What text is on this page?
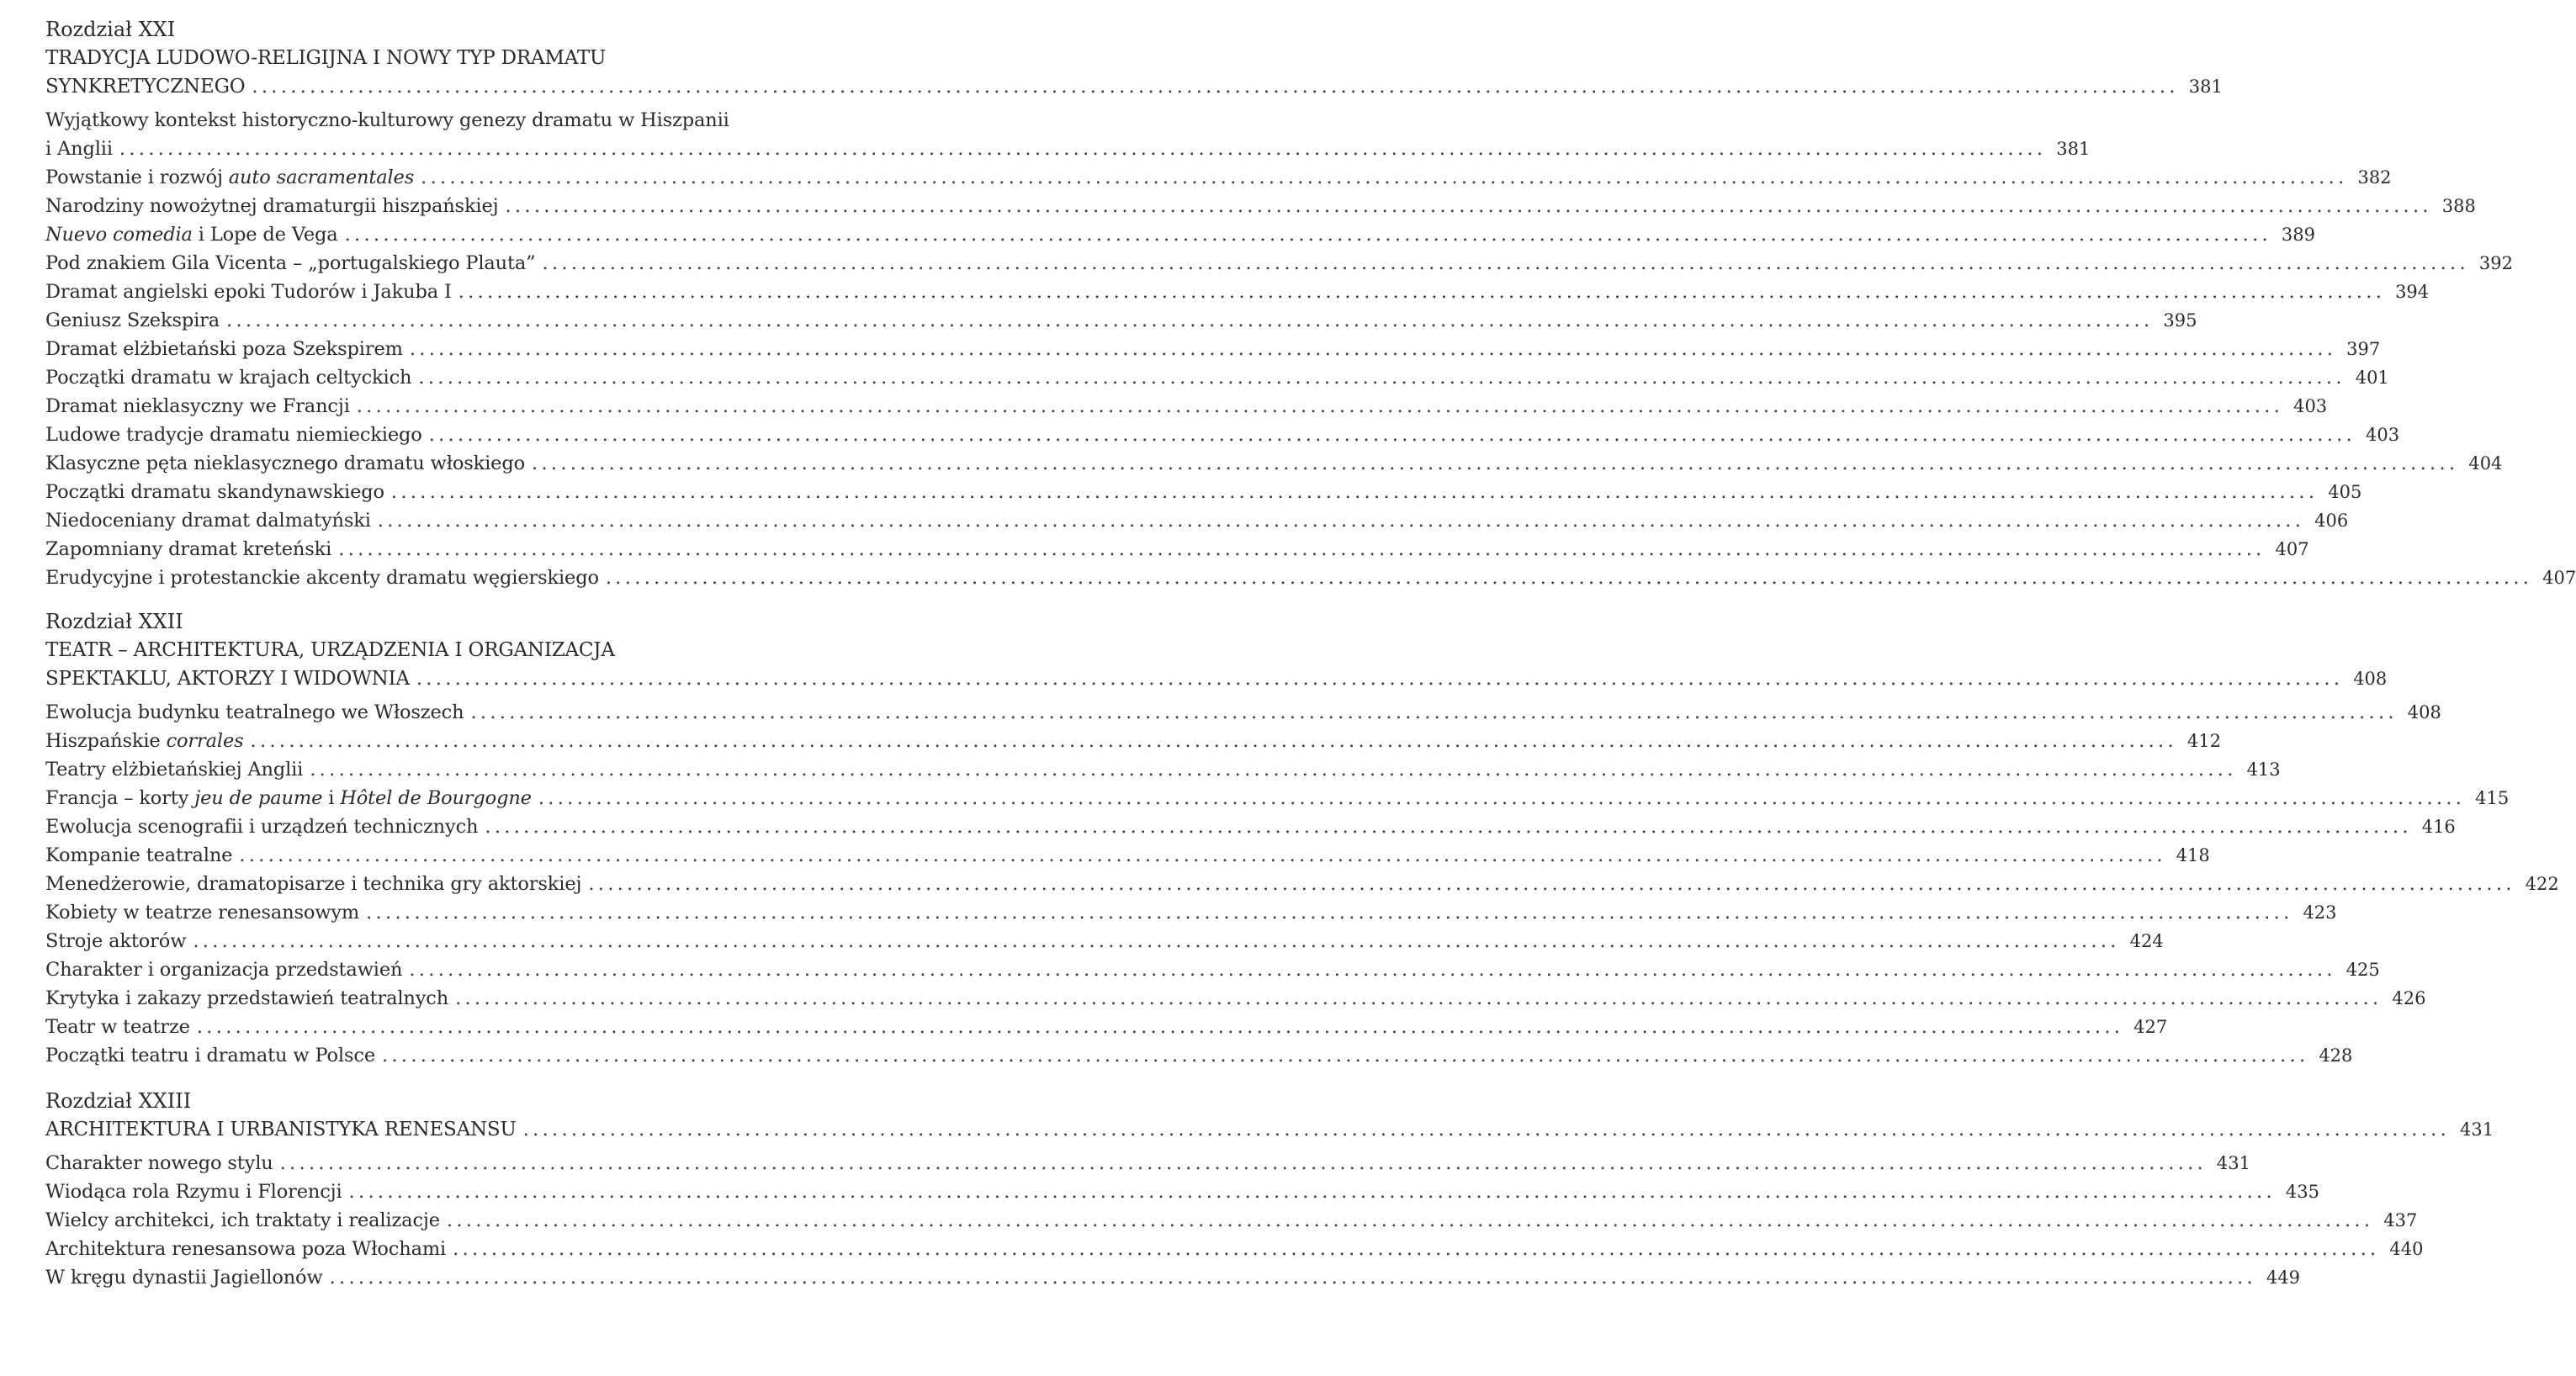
Rozdział XXI
TRADYCJA LUDOWO-RELIGIJNA I NOWY TYP DRAMATU
SYNKRETYCZNEGO ........................................................................................................................................................................................................ 381
Wyjątkowy kontekst historyczno-kulturowy genezy dramatu w Hiszpanii
i Anglii ........................................................................................................................................................................................................ 381
Powstanie i rozwój auto sacramentales ........................................................................................................................................................................................................ 382
Narodziny nowożytnej dramaturgii hiszpańskiej ........................................................................................................................................................................................................ 388
Nuevo comedia i Lope de Vega ........................................................................................................................................................................................................ 389
Pod znakiem Gila Vicenta – „portugalskiego Plauta” ........................................................................................................................................................................................................ 392
Dramat angielski epoki Tudorów i Jakuba I ........................................................................................................................................................................................................ 394
Geniusz Szekspira ........................................................................................................................................................................................................ 395
Dramat elżbietański poza Szekspirem ........................................................................................................................................................................................................ 397
Początki dramatu w krajach celtyckich ........................................................................................................................................................................................................ 401
Dramat nieklasyczny we Francji ........................................................................................................................................................................................................ 403
Ludowe tradycje dramatu niemieckiego ........................................................................................................................................................................................................ 403
Klasyczne pęta nieklasycznego dramatu włoskiego ........................................................................................................................................................................................................ 404
Początki dramatu skandynawskiego ........................................................................................................................................................................................................ 405
Niedoceniany dramat dalmatyński ........................................................................................................................................................................................................ 406
Zapomniany dramat kreteński ........................................................................................................................................................................................................ 407
Erudycyjne i protestanckie akcenty dramatu węgierskiego ........................................................................................................................................................................................................ 407
Rozdział XXII
TEATR – ARCHITEKTURA, URZĄDZENIA I ORGANIZACJA
SPEKTAKLU, AKTORZY I WIDOWNIA ........................................................................................................................................................................................................ 408
Ewolucja budynku teatralnego we Włoszech ........................................................................................................................................................................................................ 408
Hiszpańskie corrales ........................................................................................................................................................................................................ 412
Teatry elżbietańskiej Anglii ........................................................................................................................................................................................................ 413
Francja – korty jeu de paume i Hôtel de Bourgogne ........................................................................................................................................................................................................ 415
Ewolucja scenografii i urządzeń technicznych ........................................................................................................................................................................................................ 416
Kompanie teatralne ........................................................................................................................................................................................................ 418
Menedżerowie, dramatopisarze i technika gry aktorskiej ........................................................................................................................................................................................................ 422
Kobiety w teatrze renesansowym ........................................................................................................................................................................................................ 423
Stroje aktorów ........................................................................................................................................................................................................ 424
Charakter i organizacja przedstawień ........................................................................................................................................................................................................ 425
Krytyka i zakazy przedstawień teatralnych ........................................................................................................................................................................................................ 426
Teatr w teatrze ........................................................................................................................................................................................................ 427
Początki teatru i dramatu w Polsce ........................................................................................................................................................................................................ 428
Rozdział XXIII
ARCHITEKTURA I URBANISTYKA RENESANSU ........................................................................................................................................................................................................ 431
Charakter nowego stylu ........................................................................................................................................................................................................ 431
Wiodąca rola Rzymu i Florencji ........................................................................................................................................................................................................ 435
Wielcy architekci, ich traktaty i realizacje ........................................................................................................................................................................................................ 437
Architektura renesansowa poza Włochami ........................................................................................................................................................................................................ 440
W kręgu dynastii Jagiellonów ........................................................................................................................................................................................................ 449
